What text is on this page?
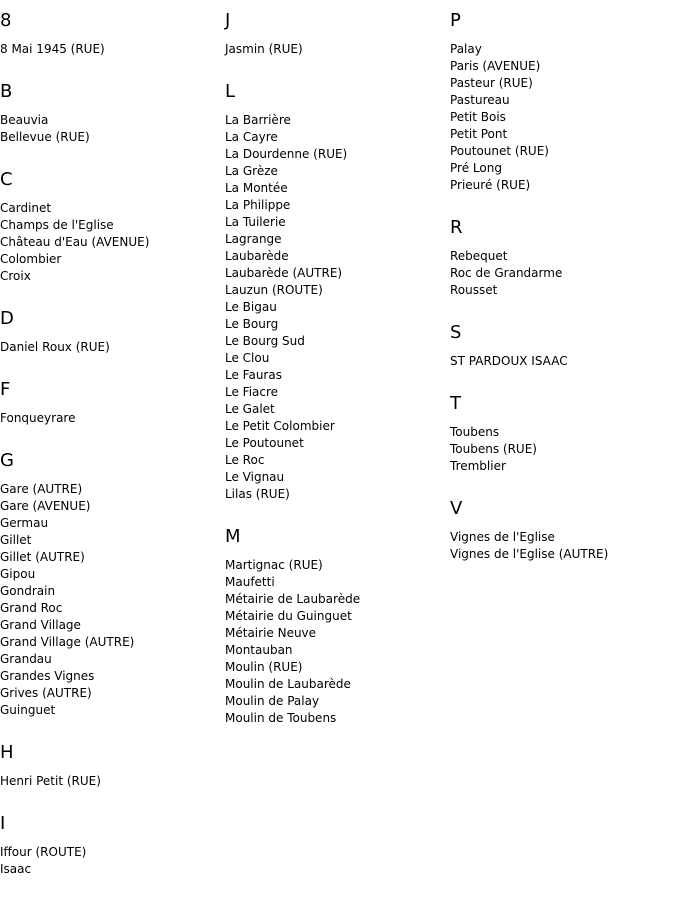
8
8 Mai 1945 (RUE)
B
Beauvia
Bellevue (RUE)
C
Cardinet
Champs de l'Eglise
Château d'Eau (AVENUE)
Colombier
Croix
D
Daniel Roux (RUE)
F
Fonqueyrare
G
Gare (AUTRE)
Gare (AVENUE)
Germau
Gillet
Gillet (AUTRE)
Gipou
Gondrain
Grand Roc
Grand Village
Grand Village (AUTRE)
Grandau
Grandes Vignes
Grives (AUTRE)
Guinguet
H
Henri Petit (RUE)
I
Iffour (ROUTE)
Isaac
J
Jasmin (RUE)
L
La Barrière
La Cayre
La Dourdenne (RUE)
La Grèze
La Montée
La Philippe
La Tuilerie
Lagrange
Laubarède
Laubarède (AUTRE)
Lauzun (ROUTE)
Le Bigau
Le Bourg
Le Bourg Sud
Le Clou
Le Fauras
Le Fiacre
Le Galet
Le Petit Colombier
Le Poutounet
Le Roc
Le Vignau
Lilas (RUE)
M
Martignac (RUE)
Maufetti
Métairie de Laubarède
Métairie du Guinguet
Métairie Neuve
Montauban
Moulin (RUE)
Moulin de Laubarède
Moulin de Palay
Moulin de Toubens
P
Palay
Paris (AVENUE)
Pasteur (RUE)
Pastureau
Petit Bois
Petit Pont
Poutounet (RUE)
Pré Long
Prieuré (RUE)
R
Rebequet
Roc de Grandarme
Rousset
S
ST PARDOUX ISAAC
T
Toubens
Toubens (RUE)
Tremblier
V
Vignes de l'Eglise
Vignes de l'Eglise (AUTRE)
